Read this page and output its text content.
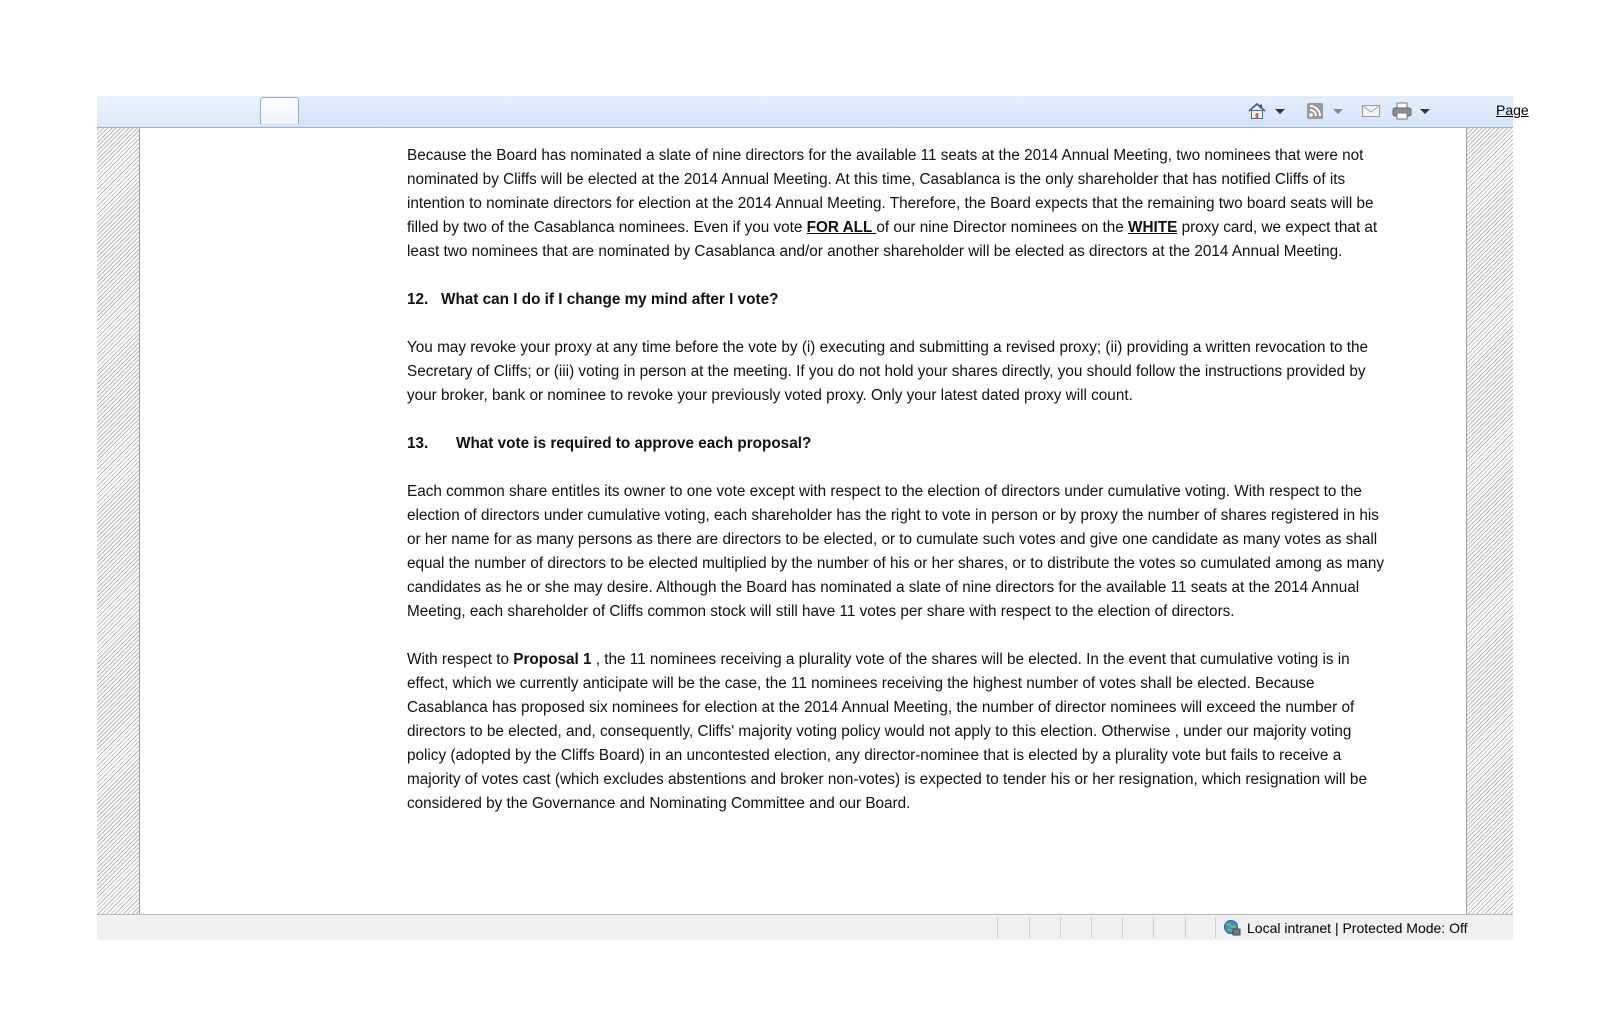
Page

Because the Board has nominated a slate of nine directors for the available 11 seats at the 2014 Annual Meeting, two nominees that were not nominated by Cliffs will be elected at the 2014 Annual Meeting. At this time, Casablanca is the only shareholder that has notified Cliffs of its intention to nominate directors for election at the 2014 Annual Meeting. Therefore, the Board expects that the remaining two board seats will be filled by two of the Casablanca nominees. Even if you vote FOR ALL of our nine Director nominees on the WHITE proxy card, we expect that at least two nominees that are nominated by Casablanca and/or another shareholder will be elected as directors at the 2014 Annual Meeting.

12. What can I do if I change my mind after I vote?

You may revoke your proxy at any time before the vote by (i) executing and submitting a revised proxy; (ii) providing a written revocation to the Secretary of Cliffs; or (iii) voting in person at the meeting. If you do not hold your shares directly, you should follow the instructions provided by your broker, bank or nominee to revoke your previously voted proxy. Only your latest dated proxy will count.

13. What vote is required to approve each proposal?

Each common share entitles its owner to one vote except with respect to the election of directors under cumulative voting. With respect to the election of directors under cumulative voting, each shareholder has the right to vote in person or by proxy the number of shares registered in his or her name for as many persons as there are directors to be elected, or to cumulate such votes and give one candidate as many votes as shall equal the number of directors to be elected multiplied by the number of his or her shares, or to distribute the votes so cumulated among as many candidates as he or she may desire. Although the Board has nominated a slate of nine directors for the available 11 seats at the 2014 Annual Meeting, each shareholder of Cliffs common stock will still have 11 votes per share with respect to the election of directors.

With respect to Proposal 1 , the 11 nominees receiving a plurality vote of the shares will be elected. In the event that cumulative voting is in effect, which we currently anticipate will be the case, the 11 nominees receiving the highest number of votes shall be elected. Because Casablanca has proposed six nominees for election at the 2014 Annual Meeting, the number of director nominees will exceed the number of directors to be elected, and, consequently, Cliffs' majority voting policy would not apply to this election. Otherwise , under our majority voting policy (adopted by the Cliffs Board) in an uncontested election, any director-nominee that is elected by a plurality vote but fails to receive a majority of votes cast (which excludes abstentions and broker non-votes) is expected to tender his or her resignation, which resignation will be considered by the Governance and Nominating Committee and our Board.

Local intranet | Protected Mode: Off
